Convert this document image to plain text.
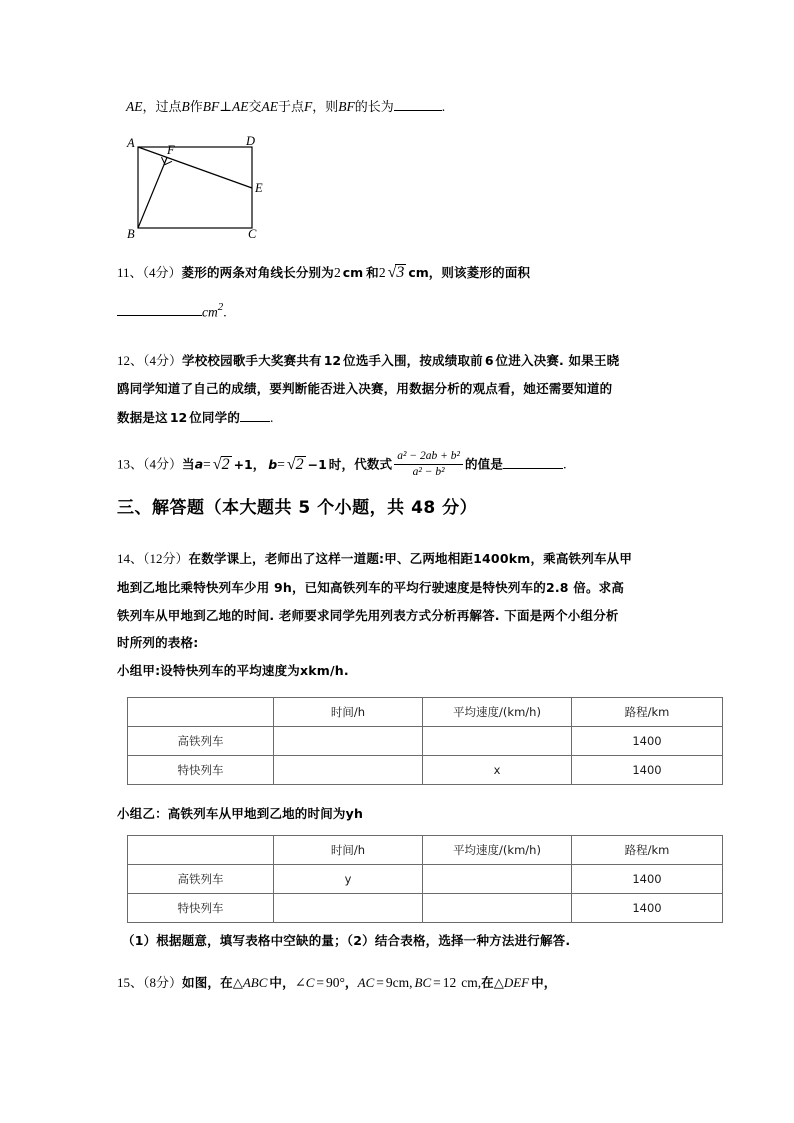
AE，过点B作BF⊥AE交AE于点F，则BF的长为	.
A	D
F
E
B	C
11、（4分）菱形的两条对角线长分别为2 cm 和2 √3 cm，则该菱形的面积
$cm^2$.
12、（4分）学校校园歌手大奖赛共有 12 位选手入围，按成绩取前 6 位进入决赛. 如果王晓
鸥同学知道了自己的成绩，要判断能否进入决赛，用数据分析的观点看，她还需要知道的
数据是这 12 位同学的 .
13、（4分）当a= √2 +1， b= √2 −1 时，代数式 $\frac{\text{a² − 2ab + b²}}{\text{a² − b²}}$ 的值是	.
三、解答题（本大题共 5 个小题，共 48 分）
14、（12分）在数学课上，老师出了这样一道题:甲、乙两地相距1400km，乘高铁列车从甲
地到乙地比乘特快列车少用 9h，已知高铁列车的平均行驶速度是特快列车的2.8 倍。求高
铁列车从甲地到乙地的时间. 老师要求同学先用列表方式分析再解答. 下面是两个小组分析
时所列的表格:
小组甲:设特快列车的平均速度为xkm/h.
	时间/h	平均速度/(km/h)	路程/km
高铁列车			1400
特快列车		x	1400
小组乙：高铁列车从甲地到乙地的时间为yh
	时间/h	平均速度/(km/h)	路程/km
高铁列车	y		1400
特快列车			1400
（1）根据题意，填写表格中空缺的量；（2）结合表格，选择一种方法进行解答.
15、（8分）如图，在△ABC 中，∠C = 90°，AC = 9cm, BC = 12 cm,在△DEF 中，
